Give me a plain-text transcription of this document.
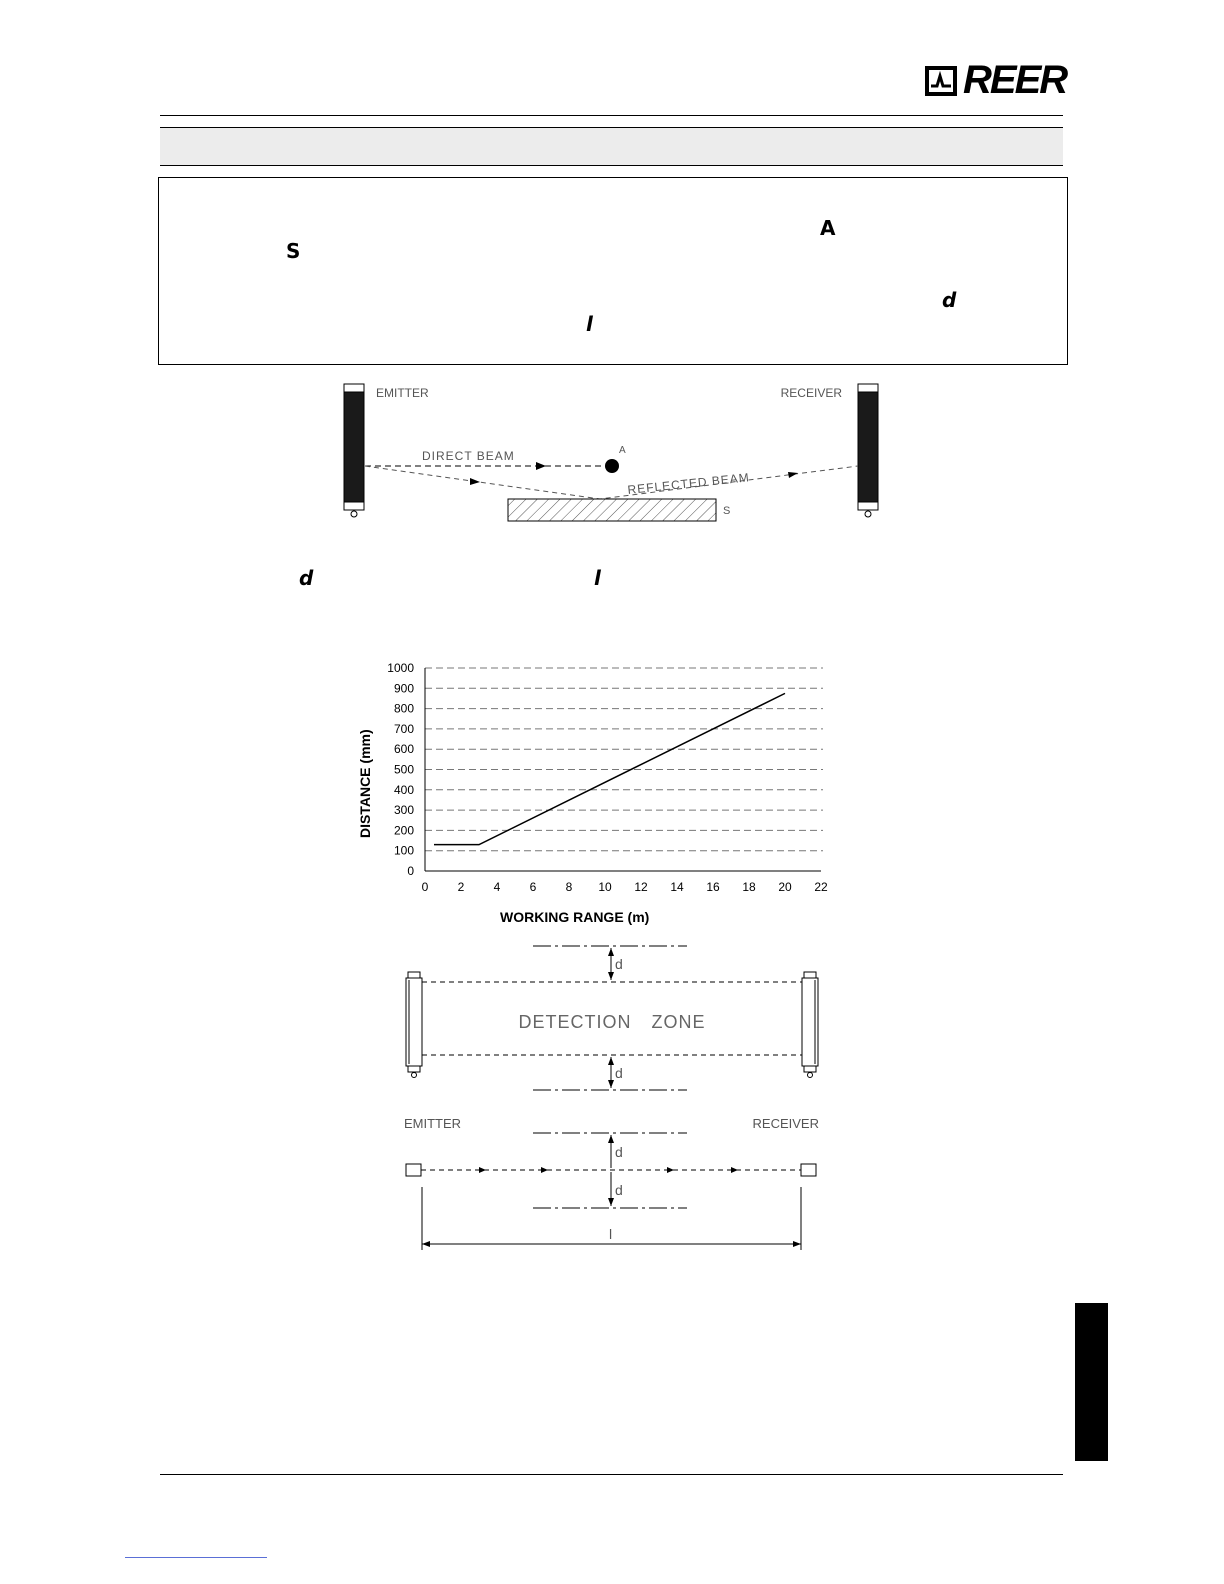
REER
A
S
d
l
EMITTER	RECEIVER
DIRECT BEAM	A
REFLECTED BEAM
S
d	l
0
100
200
300
400
500
600
700
800
900
1000
0 2 4 6 8 10 12 14 16 18 20 22
WORKING RANGE (m)
DISTANCE (mm)
d
DETECTION ZONE
d
EMITTER	RECEIVER
d
d
l
